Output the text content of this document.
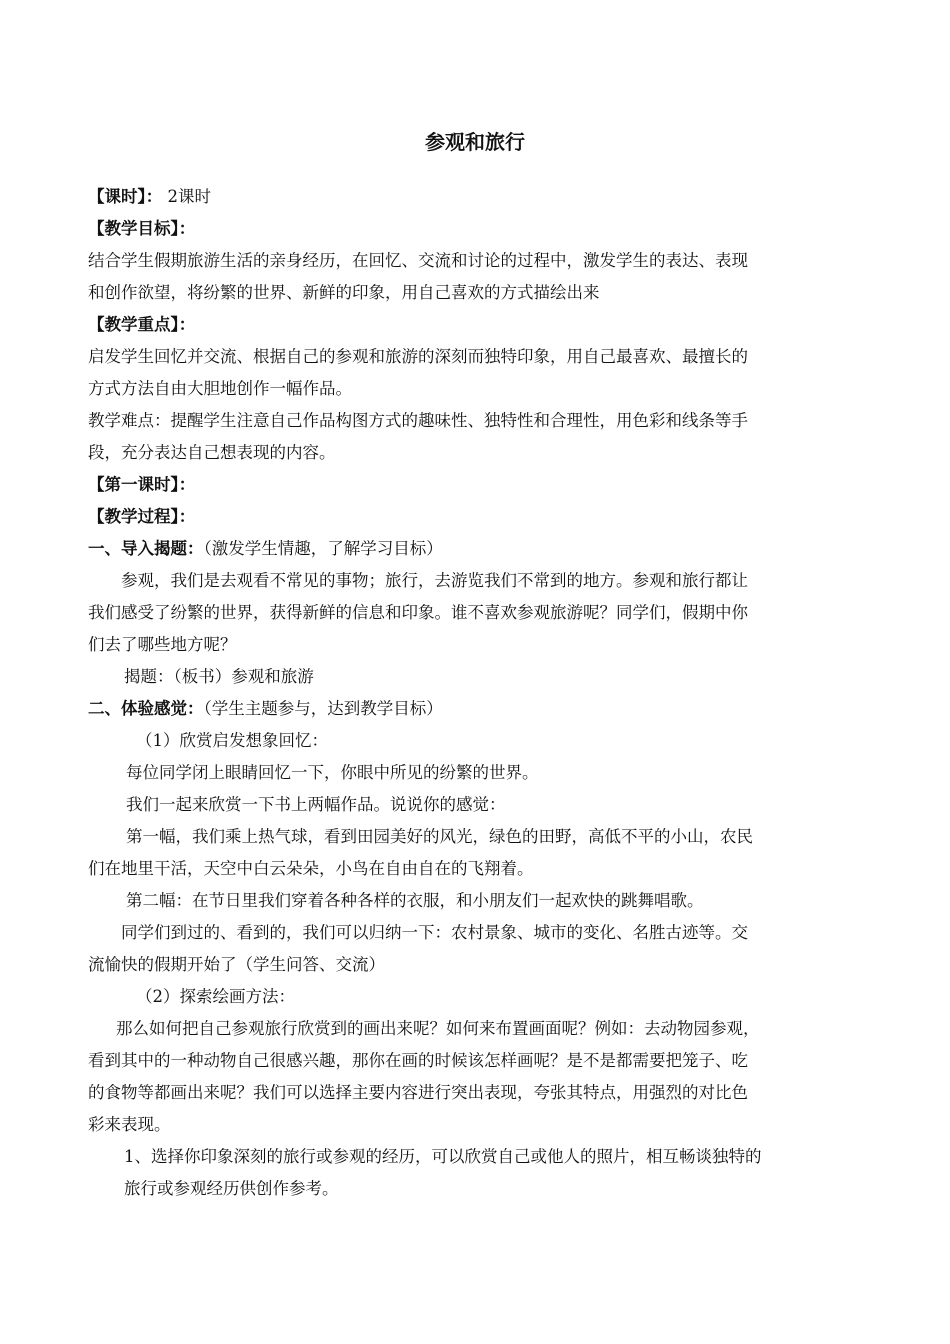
参观和旅行
【课时】： 2课时
【教学目标】：
结合学生假期旅游生活的亲身经历，在回忆、交流和讨论的过程中，激发学生的表达、表现
和创作欲望，将纷繁的世界、新鲜的印象，用自己喜欢的方式描绘出来
【教学重点】：
启发学生回忆并交流、根据自己的参观和旅游的深刻而独特印象，用自己最喜欢、最擅长的
方式方法自由大胆地创作一幅作品。
教学难点：提醒学生注意自己作品构图方式的趣味性、独特性和合理性，用色彩和线条等手
段，充分表达自己想表现的内容。
【第一课时】：
【教学过程】：
一、导入揭题：（激发学生情趣，了解学习目标）
参观，我们是去观看不常见的事物；旅行，去游览我们不常到的地方。参观和旅行都让
我们感受了纷繁的世界，获得新鲜的信息和印象。谁不喜欢参观旅游呢？同学们，假期中你
们去了哪些地方呢？
揭题：（板书）参观和旅游
二、体验感觉：（学生主题参与，达到教学目标）
（1）欣赏启发想象回忆：
每位同学闭上眼睛回忆一下，你眼中所见的纷繁的世界。
我们一起来欣赏一下书上两幅作品。说说你的感觉：
第一幅，我们乘上热气球，看到田园美好的风光，绿色的田野，高低不平的小山，农民
们在地里干活，天空中白云朵朵，小鸟在自由自在的飞翔着。
第二幅：在节日里我们穿着各种各样的衣服，和小朋友们一起欢快的跳舞唱歌。
同学们到过的、看到的，我们可以归纳一下：农村景象、城市的变化、名胜古迹等。交
流愉快的假期开始了（学生问答、交流）
（2）探索绘画方法：
那么如何把自己参观旅行欣赏到的画出来呢？如何来布置画面呢？例如：去动物园参观，
看到其中的一种动物自己很感兴趣，那你在画的时候该怎样画呢？是不是都需要把笼子、吃
的食物等都画出来呢？我们可以选择主要内容进行突出表现，夸张其特点，用强烈的对比色
彩来表现。
1、选择你印象深刻的旅行或参观的经历，可以欣赏自己或他人的照片，相互畅谈独特的
旅行或参观经历供创作参考。
